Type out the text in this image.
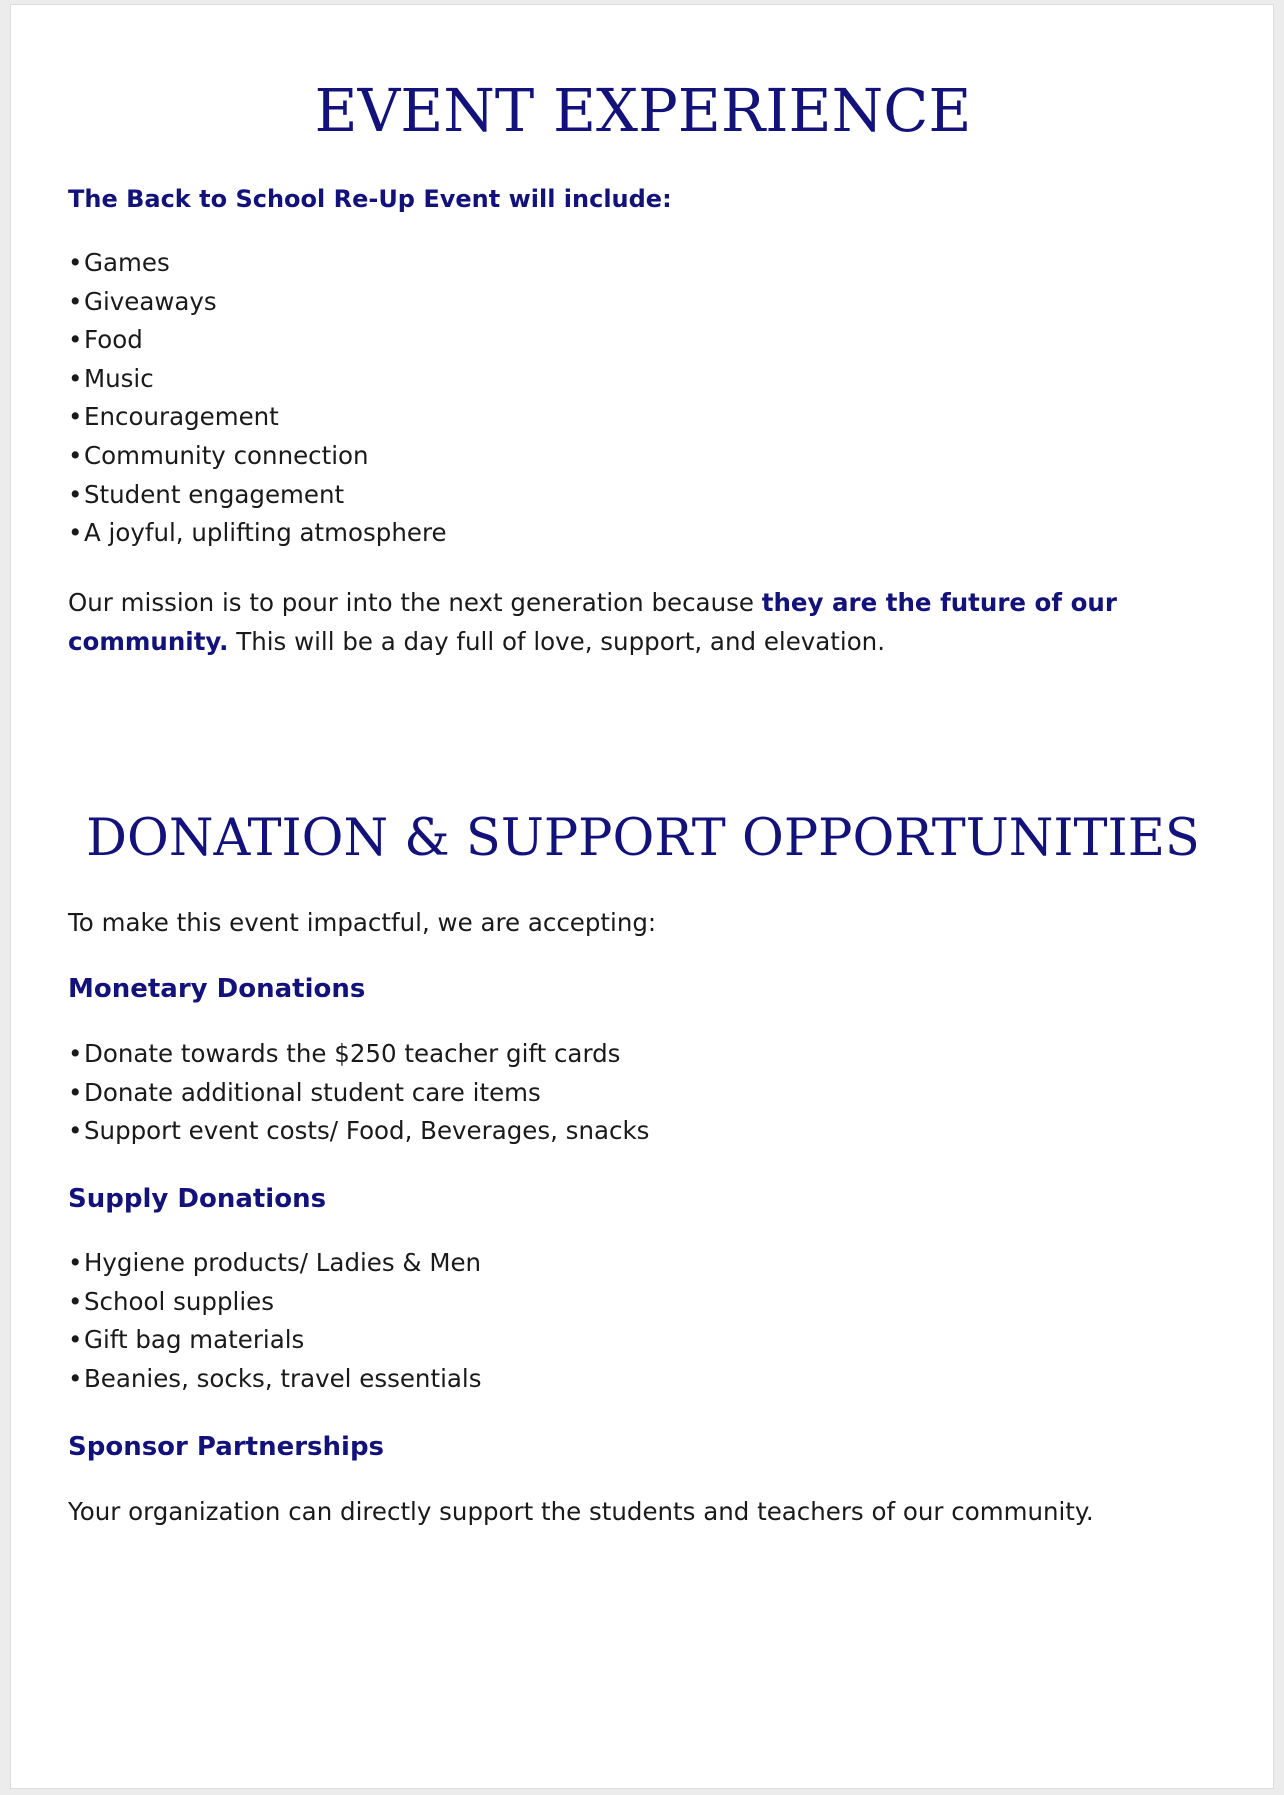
EVENT EXPERIENCE

The Back to School Re-Up Event will include:

• Games
• Giveaways
• Food
• Music
• Encouragement
• Community connection
• Student engagement
• A joyful, uplifting atmosphere

Our mission is to pour into the next generation because they are the future of our community. This will be a day full of love, support, and elevation.

DONATION & SUPPORT OPPORTUNITIES

To make this event impactful, we are accepting:

Monetary Donations
• Donate towards the $250 teacher gift cards
• Donate additional student care items
• Support event costs/ Food, Beverages, snacks
Supply Donations
• Hygiene products/ Ladies & Men
• School supplies
• Gift bag materials
• Beanies, socks, travel essentials
Sponsor Partnerships

Your organization can directly support the students and teachers of our community.
